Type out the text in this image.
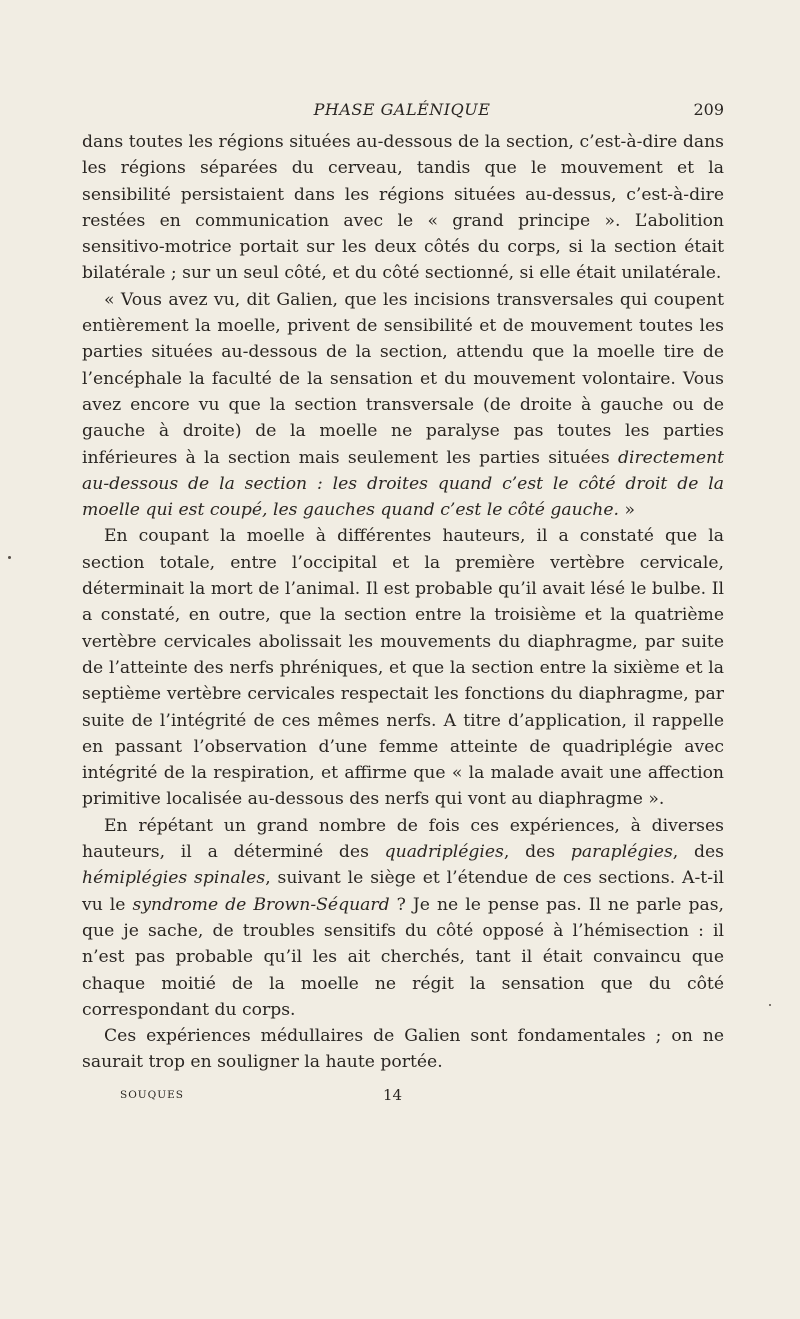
PHASE GALÉNIQUE	209

dans toutes les régions situées au-dessous de la section, c’est-à-dire dans les régions séparées du cerveau, tandis que le mouvement et la sensibilité persistaient dans les régions situées au-dessus, c’est-à-dire restées en communication avec le « grand principe ». L’abolition sensitivo-motrice portait sur les deux côtés du corps, si la section était bilatérale ; sur un seul côté, et du côté sectionné, si elle était unilatérale.

« Vous avez vu, dit Galien, que les incisions transversales qui coupent entièrement la moelle, privent de sensibilité et de mouvement toutes les parties situées au-dessous de la section, attendu que la moelle tire de l’encéphale la faculté de la sensation et du mouvement volontaire. Vous avez encore vu que la section transversale (de droite à gauche ou de gauche à droite) de la moelle ne paralyse pas toutes les parties inférieures à la section mais seulement les parties situées directement au-dessous de la section : les droites quand c’est le côté droit de la moelle qui est coupé, les gauches quand c’est le côté gauche. »

En coupant la moelle à différentes hauteurs, il a constaté que la section totale, entre l’occipital et la première vertèbre cervicale, déterminait la mort de l’animal. Il est probable qu’il avait lésé le bulbe. Il a constaté, en outre, que la section entre la troisième et la quatrième vertèbre cervicales abolissait les mouvements du diaphragme, par suite de l’atteinte des nerfs phréniques, et que la section entre la sixième et la septième vertèbre cervicales respectait les fonctions du diaphragme, par suite de l’intégrité de ces mêmes nerfs. A titre d’application, il rappelle en passant l’observation d’une femme atteinte de quadriplégie avec intégrité de la respiration, et affirme que « la malade avait une affection primitive localisée au-dessous des nerfs qui vont au diaphragme ».

En répétant un grand nombre de fois ces expériences, à diverses hauteurs, il a déterminé des quadriplégies, des paraplégies, des hémiplégies spinales, suivant le siège et l’étendue de ces sections. A-t-il vu le syndrome de Brown-Séquard ? Je ne le pense pas. Il ne parle pas, que je sache, de troubles sensitifs du côté opposé à l’hémisection : il n’est pas probable qu’il les ait cherchés, tant il était convaincu que chaque moitié de la moelle ne régit la sensation que du côté correspondant du corps.

Ces expériences médullaires de Galien sont fondamentales ; on ne saurait trop en souligner la haute portée.

SOUQUES	14
